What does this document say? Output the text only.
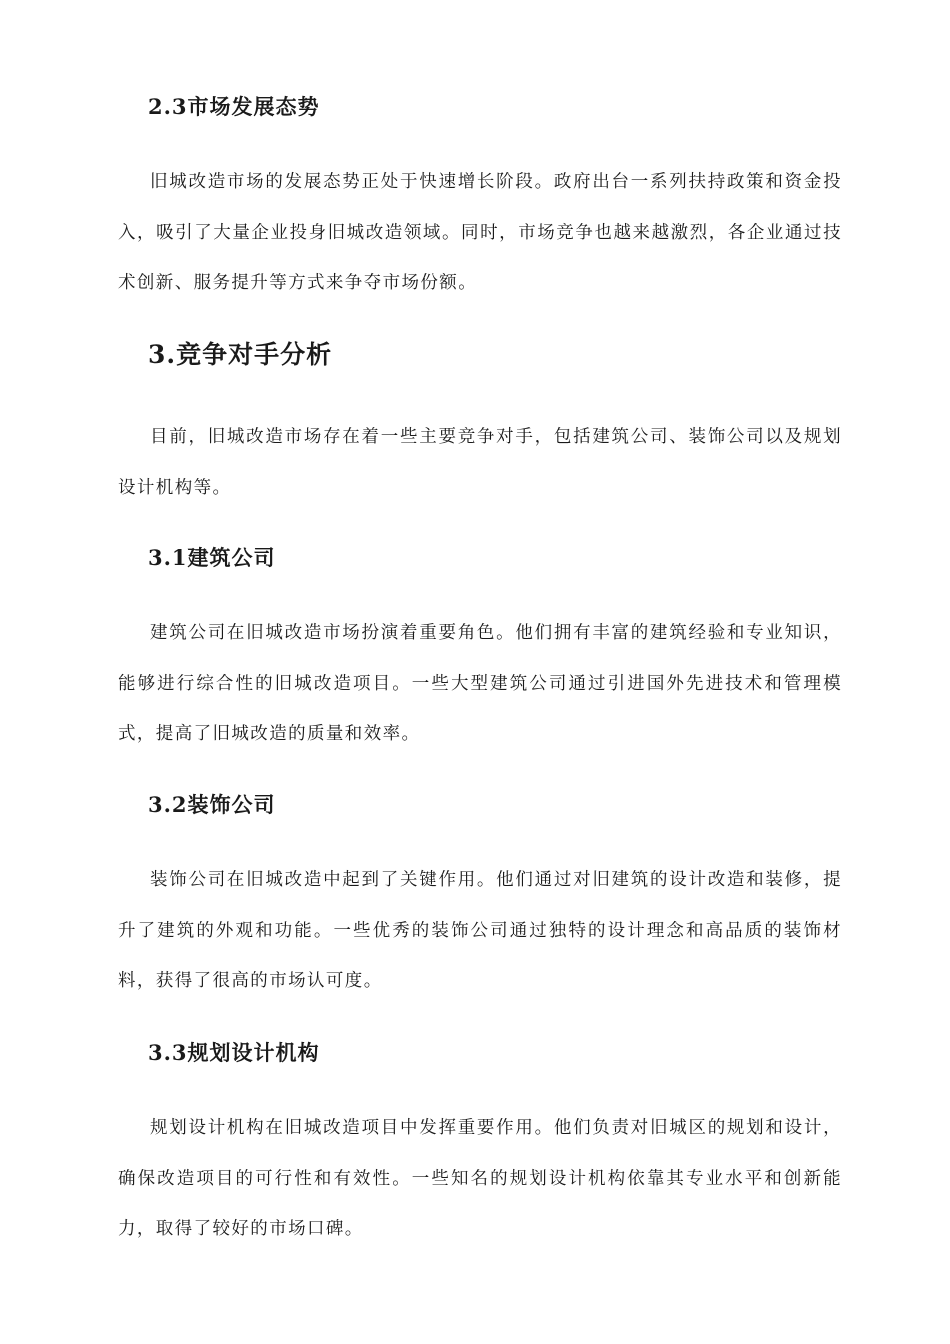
2.3市场发展态势

旧城改造市场的发展态势正处于快速增长阶段。政府出台一系列扶持政策和资金投入，吸引了大量企业投身旧城改造领域。同时，市场竞争也越来越激烈，各企业通过技术创新、服务提升等方式来争夺市场份额。

3.竞争对手分析

目前，旧城改造市场存在着一些主要竞争对手，包括建筑公司、装饰公司以及规划设计机构等。

3.1建筑公司

建筑公司在旧城改造市场扮演着重要角色。他们拥有丰富的建筑经验和专业知识，能够进行综合性的旧城改造项目。一些大型建筑公司通过引进国外先进技术和管理模式，提高了旧城改造的质量和效率。

3.2装饰公司

装饰公司在旧城改造中起到了关键作用。他们通过对旧建筑的设计改造和装修，提升了建筑的外观和功能。一些优秀的装饰公司通过独特的设计理念和高品质的装饰材料，获得了很高的市场认可度。

3.3规划设计机构

规划设计机构在旧城改造项目中发挥重要作用。他们负责对旧城区的规划和设计，确保改造项目的可行性和有效性。一些知名的规划设计机构依靠其专业水平和创新能力，取得了较好的市场口碑。
